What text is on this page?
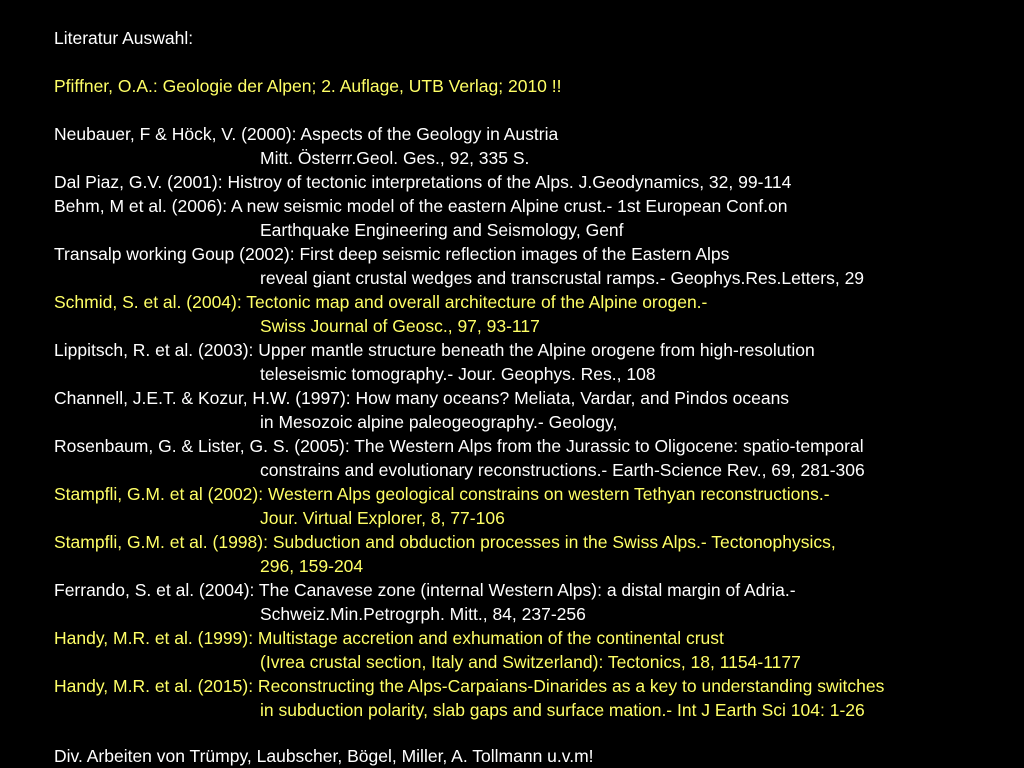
Literatur Auswahl:
Pfiffner, O.A.: Geologie der Alpen; 2. Auflage, UTB Verlag; 2010 !!
Neubauer, F & Höck, V. (2000): Aspects of the Geology in Austria
Mitt. Österrr.Geol. Ges., 92, 335 S.
Dal Piaz, G.V. (2001): Histroy of tectonic interpretations of the Alps. J.Geodynamics, 32, 99-114
Behm, M et al. (2006): A new seismic model of the eastern Alpine crust.- 1st European Conf.on
Earthquake Engineering and Seismology, Genf
Transalp working Goup (2002): First deep seismic reflection images of the Eastern Alps
reveal giant crustal wedges and transcrustal ramps.- Geophys.Res.Letters, 29
Schmid, S. et al. (2004): Tectonic map and overall architecture of the Alpine orogen.-
Swiss Journal of Geosc., 97, 93-117
Lippitsch, R. et al. (2003): Upper mantle structure beneath the Alpine orogene from high-resolution
teleseismic tomography.- Jour. Geophys. Res., 108
Channell, J.E.T. & Kozur, H.W. (1997): How many oceans? Meliata, Vardar, and Pindos oceans
in Mesozoic alpine paleogeography.- Geology,
Rosenbaum, G. & Lister, G. S. (2005): The Western Alps from the Jurassic to Oligocene: spatio-temporal
constrains and evolutionary reconstructions.- Earth-Science Rev., 69, 281-306
Stampfli, G.M. et al (2002): Western Alps geological constrains on western Tethyan reconstructions.-
Jour. Virtual Explorer, 8, 77-106
Stampfli, G.M. et al. (1998): Subduction and obduction processes in the Swiss Alps.- Tectonophysics,
296, 159-204
Ferrando, S. et al. (2004): The Canavese zone (internal Western Alps): a distal margin of Adria.-
Schweiz.Min.Petrogrph. Mitt., 84, 237-256
Handy, M.R. et al. (1999): Multistage accretion and exhumation of the continental crust
(Ivrea crustal section, Italy and Switzerland): Tectonics, 18, 1154-1177
Handy, M.R. et al. (2015): Reconstructing the Alps-Carpaians-Dinarides as a key to understanding switches
in subduction polarity, slab gaps and surface mation.- Int J Earth Sci 104: 1-26
Div. Arbeiten von Trümpy, Laubscher, Bögel, Miller, A. Tollmann u.v.m!
